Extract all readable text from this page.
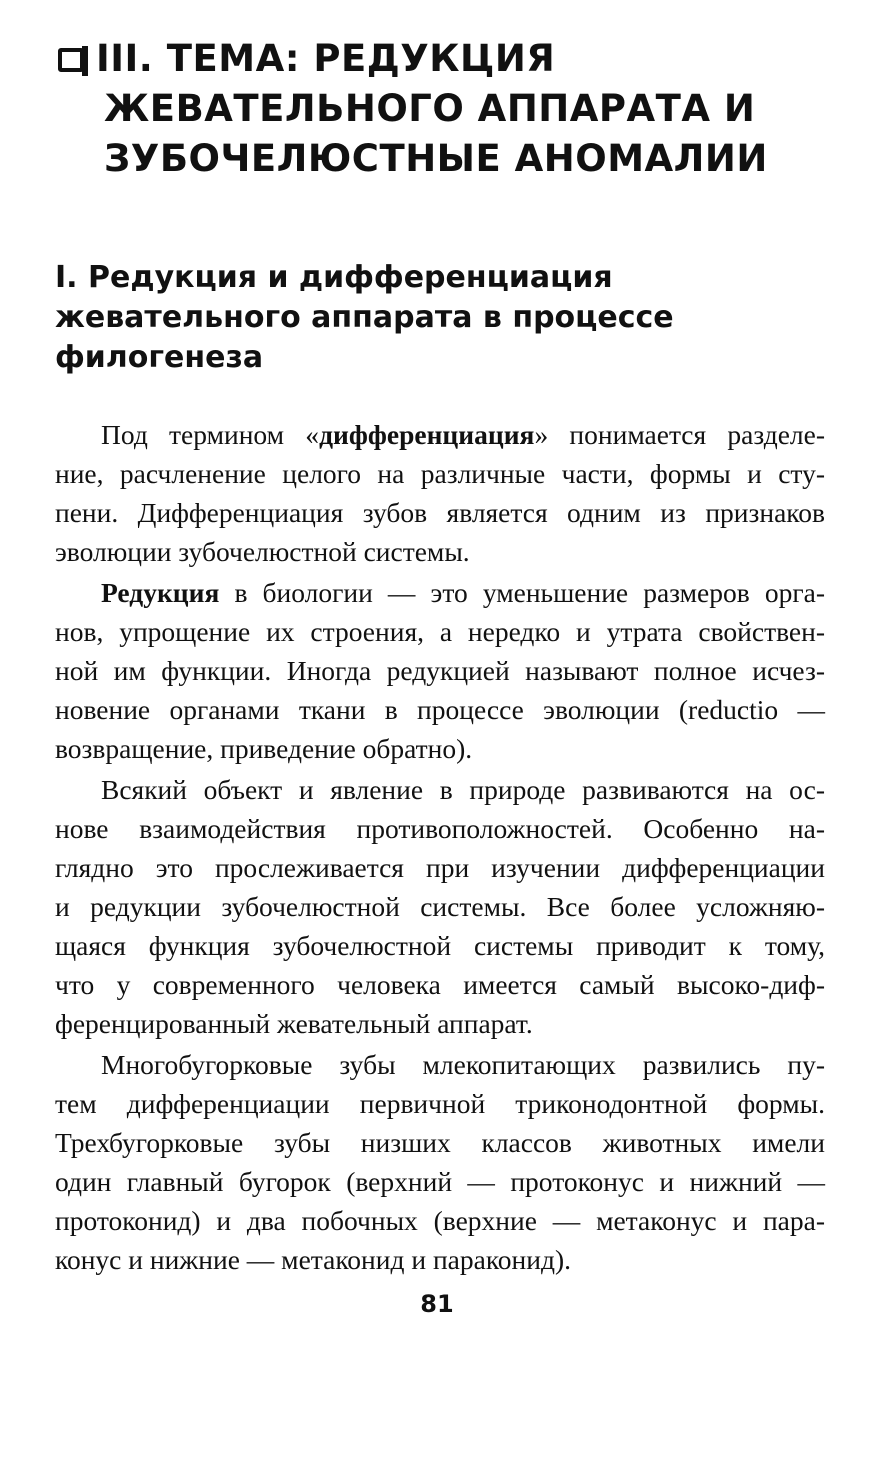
III. ТЕМА: РЕДУКЦИЯ
ЖЕВАТЕЛЬНОГО АППАРАТА И
ЗУБОЧЕЛЮСТНЫЕ АНОМАЛИИ
I. Редукция и дифференциация
жевательного аппарата в процессе
филогенеза

Под термином «дифференциация» понимается разделе-
ние, расчленение целого на различные части, формы и сту-
пени. Дифференциация зубов является одним из признаков
эволюции зубочелюстной системы.

Редукция в биологии — это уменьшение размеров орга-
нов, упрощение их строения, а нередко и утрата свойствен-
ной им функции. Иногда редукцией называют полное исчез-
новение органами ткани в процессе эволюции (reductio —
возвращение, приведение обратно).

Всякий объект и явление в природе развиваются на ос-
нове взаимодействия противоположностей. Особенно на-
глядно это прослеживается при изучении дифференциации
и редукции зубочелюстной системы. Все более усложняю-
щаяся функция зубочелюстной системы приводит к тому,
что у современного человека имеется самый высоко-диф-
ференцированный жевательный аппарат.

Многобугорковые зубы млекопитающих развились пу-
тем дифференциации первичной триконодонтной формы.
Трехбугорковые зубы низших классов животных имели
один главный бугорок (верхний — протоконус и нижний —
протоконид) и два побочных (верхние — метаконус и пара-
конус и нижние — метаконид и параконид).

81
